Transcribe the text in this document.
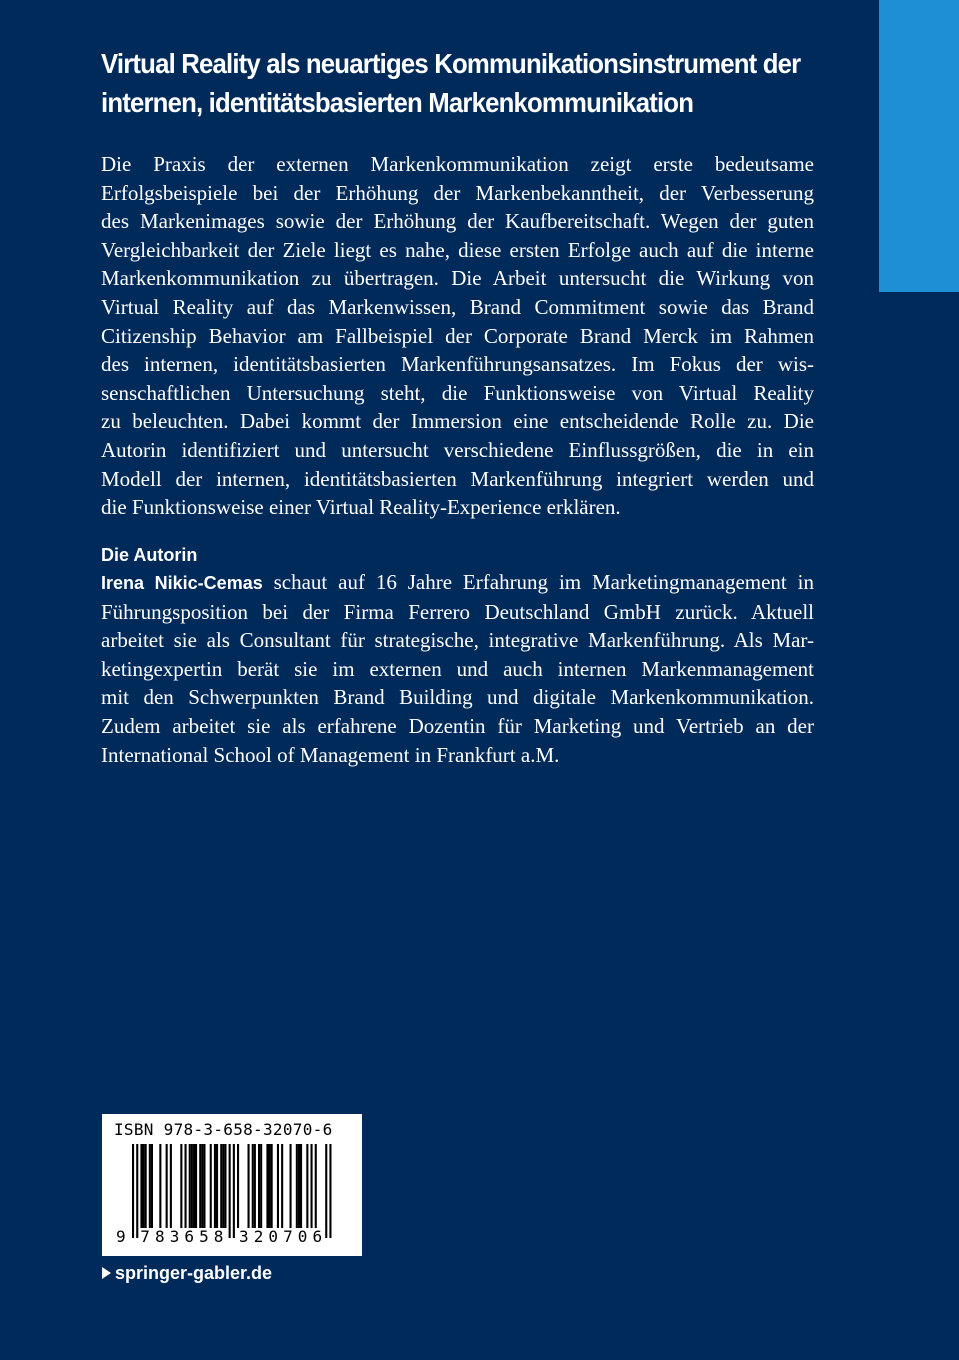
Virtual Reality als neuartiges Kommunikationsinstrument der
internen, identitätsbasierten Markenkommunikation
Die Praxis der externen Markenkommunikation zeigt erste bedeutsame
Erfolgsbeispiele bei der Erhöhung der Markenbekanntheit, der Verbesserung
des Markenimages sowie der Erhöhung der Kaufbereitschaft. Wegen der guten
Vergleichbarkeit der Ziele liegt es nahe, diese ersten Erfolge auch auf die interne
Markenkommunikation zu übertragen. Die Arbeit untersucht die Wirkung von
Virtual Reality auf das Markenwissen, Brand Commitment sowie das Brand
Citizenship Behavior am Fallbeispiel der Corporate Brand Merck im Rahmen
des internen, identitätsbasierten Markenführungsansatzes. Im Fokus der wis-
senschaftlichen Untersuchung steht, die Funktionsweise von Virtual Reality
zu beleuchten. Dabei kommt der Immersion eine entscheidende Rolle zu. Die
Autorin identifiziert und untersucht verschiedene Einflussgrößen, die in ein
Modell der internen, identitätsbasierten Markenführung integriert werden und
die Funktionsweise einer Virtual Reality-Experience erklären.
Die Autorin
Irena Nikic-Cemas schaut auf 16 Jahre Erfahrung im Marketingmanagement in
Führungsposition bei der Firma Ferrero Deutschland GmbH zurück. Aktuell
arbeitet sie als Consultant für strategische, integrative Markenführung. Als Mar-
ketingexpertin berät sie im externen und auch internen Markenmanagement
mit den Schwerpunkten Brand Building und digitale Markenkommunikation.
Zudem arbeitet sie als erfahrene Dozentin für Marketing und Vertrieb an der
International School of Management in Frankfurt a.M.
ISBN 978-3-658-32070-6
9 7 8 3 6 5 8 3 2 0 7 0 6
springer-gabler.de
